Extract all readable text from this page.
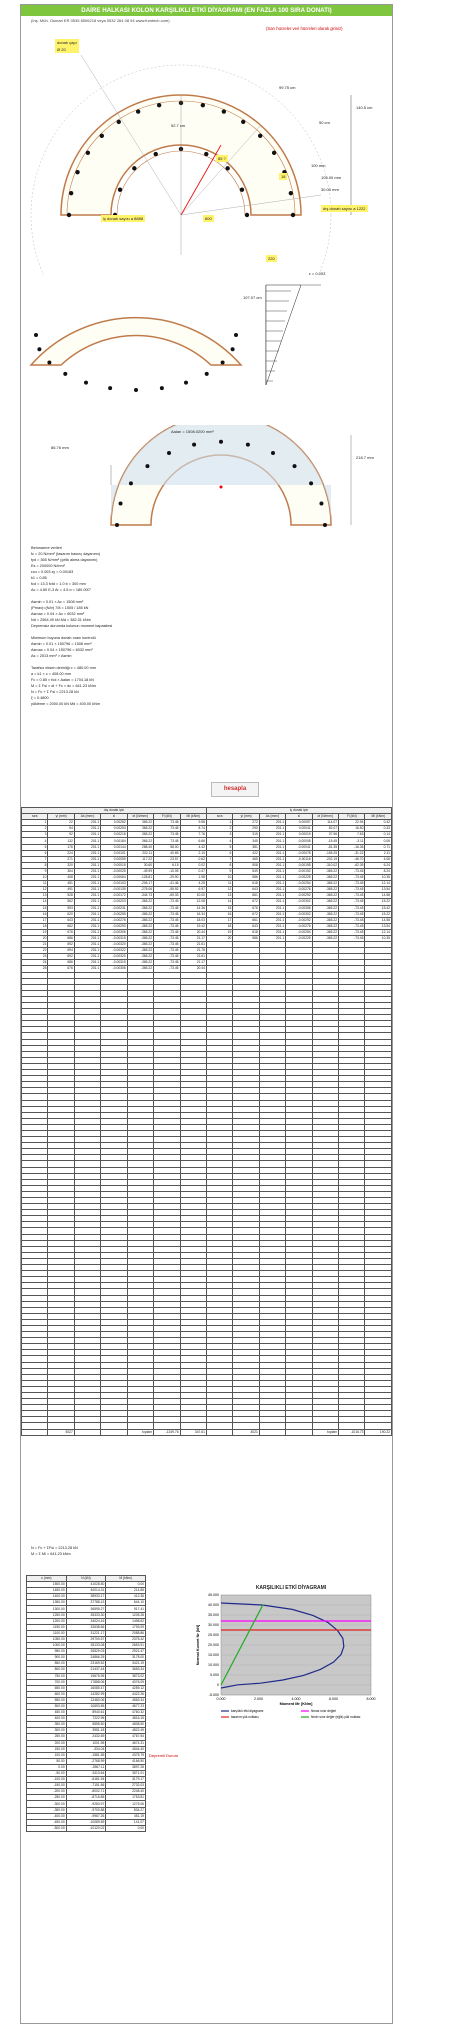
DAİRE HALKASI KOLON KARŞILIKLI ETKİ DİYAGRAMI (EN FAZLA 100 SIRA DONATI)
(İnş. Müh. Osman ER 0535 6506218 veya 0532 264 08 94 www.fumtech.com)
(Sarı hücreler veri hücreleri olarak giriniz)
donatı çapı
Ø 20
99.75 cm
140.5 cm
50 cm
52.7 cm
85 ?
18
100 mm
105.00 mm
30.00 mm
iç donatı sayısı a 8888	600
dış donatı sayısı a 1222
220
ε = 0.003
107.07 cm
Aalan = 1508.0200 mm²
86.76 mm
218.7 mm
Betonarme verileri
fc = 20 N/mm² (tasarım basınç dayanımı)
fyd = 365 N/mm² (çelik akma dayanımı)
Es = 200000 N/mm²
εcu = 0.003 εy = 0.00183
k1 = 0.85
fcd = 13.3 fctd = 1.0 b = 300 mm
Ac = 4.80 E-3 Ar = 4.5 α = 180.000°

Asmin = 0.01 × Ac = 1508 mm²
(Pmax)=(N/σ) 7/8 = 1505 / 185 kN
Asmax = 0.04 × Ac = 6032 mm²
Nd = 2564.49 kN Md = 382.31 kNm
Depremsiz durumda kolonun moment kapasitesi

Minimum boyuna donatı oranı kontrolü
Asmin = 0.01 × 150796 = 1508 mm²
Asmax = 0.04 × 150796 = 6032 mm²
As = 2513 mm² > Asmin

Tarafsız eksen derinliği c = 480.00 mm
a = k1 × c = 408.00 mm
Fc = 0.85 × fcd × Aalan = 1704.18 kN
M = Σ Fsi × di + Fc × dc = 641.23 kNm
N = Fc + Σ Fsi = 2213.28 kN
ξ = 0.4800
yükleme = 2000.00 kN Md = 400.00 kNm
hesapla
dış donatı için							iç donatı için						
sıra	yi (mm)	As (mm²)	εi	σi (N/mm²)	Fi (kN)	Mi (kNm)	sıra	yi (mm)	As (mm²)	εi	σi (N/mm²)	Fi (kN)	Mi (kNm)
1	22	201.1	0.00282	365.22	73.45	9.58	1	272	201.1	0.00057	114.07	22.94	0.42
2	54	201.1	0.00253	365.22	73.45	8.74	2	290	201.1	0.00041	82.07	16.50	0.33
3	92	201.1	0.00218	365.22	73.45	7.76	3	315	201.1	0.00019	37.96	7.63	0.14
4	132	201.1	0.00184	365.22	73.45	6.66	4	345	201.1	-0.00008	-15.45	-3.11	0.06
5	176	201.1	0.00144	288.40	58.00	4.42	5	381	201.1	-0.00041	-81.35	-16.36	0.71
6	224	201.1	0.00101	202.11	40.65	2.10	6	422	201.1	-0.00078	-155.25	-31.22	2.11
7	271	201.1	0.00059	117.22	23.57	0.62	7	465	201.1	-0.00116	-232.19	-46.70	4.06
8	320	201.1	0.00015	30.60	6.15	0.02	8	508	201.1	-0.00155	-310.02	-62.35	6.24
9	364	201.1	-0.00025	-49.99	-10.05	0.47	9	549	201.1	-0.00192	-365.22	-73.45	8.24
10	408	201.1	-0.00064	-128.81	-25.90	1.98	10	586	201.1	-0.00225	-365.22	-73.45	10.35
11	451	201.1	-0.00103	-206.17	-41.46	4.25	11	618	201.1	-0.00254	-365.22	-73.45	12.14
12	491	201.1	-0.00139	-278.06	-55.92	6.97	12	643	201.1	-0.00276	-365.22	-73.45	13.54
13	528	201.1	-0.00172	-344.73	-69.33	10.00	13	661	201.1	-0.00292	-365.22	-73.45	14.58
14	562	201.1	-0.00203	-365.22	-73.45	12.08	14	672	201.1	-0.00302	-365.22	-73.45	15.22
15	593	201.1	-0.00231	-365.22	-73.45	14.36	15	676	201.1	-0.00306	-365.22	-73.45	15.42
16	620	201.1	-0.00255	-365.22	-73.45	16.34	16	672	201.1	-0.00302	-365.22	-73.45	15.22
17	643	201.1	-0.00276	-365.22	-73.45	18.03	17	661	201.1	-0.00292	-365.22	-73.45	14.58
18	662	201.1	-0.00293	-365.22	-73.45	19.42	18	643	201.1	-0.00276	-365.22	-73.45	13.54
19	676	201.1	-0.00306	-365.22	-73.45	20.44	19	618	201.1	-0.00254	-365.22	-73.45	12.14
20	686	201.1	-0.00315	-365.22	-73.45	21.17	20	586	201.1	-0.00225	-365.22	-73.45	10.35
21	692	201.1	-0.00320	-365.22	-73.45	21.61							
22	694	201.1	-0.00322	-365.22	-73.45	21.76							
23	692	201.1	-0.00320	-365.22	-73.45	21.61							
24	686	201.1	-0.00315	-365.22	-73.45	21.17							
25	676	201.1	-0.00306	-365.22	-73.45	20.44							

	5027			toplam	-1249.76	347.61		4021			toplam	-1016.73	190.22
N = Fc + ΣFsi = 2213.28 kN
M = Σ Mi = 641.23 kNm
c (mm)	N (kN)	M (kNm)
1500.00	41028.50	0.00
1450.00	40014.31	214.88
1400.00	38933.17	412.36
1350.00	37788.13	644.10
1300.00	36595.27	917.41
1250.00	35333.30	1205.28
1200.00	34024.16	1498.62
1150.00	32638.66	1793.09
1100.00	31221.17	2088.86
1050.00	29700.57	2375.42
1000.00	28133.08	2653.91
950.00	26529.03	2921.47
900.00	24866.25	3178.00
850.00	23169.52	3421.19
800.00	21437.44	3653.34
750.00	19676.95	3873.02
700.00	17888.06	4076.09
650.00	16085.47	4259.12
600.00	14282.99	4422.26
550.00	12480.06	4563.34
500.00	10693.55	4677.23
450.00	8940.61	4760.32
400.00	7222.95	4816.15
350.00	5555.50	4838.50
300.00	3951.18	4822.49
250.00	2432.69	4767.54
200.00	1001.95	4674.31
150.00	-334.04	4544.40
100.00	-1581.55	4375.79
50.00	-2768.99	4166.50
0.00	-3967.11	3897.28
-50.00	-5113.64	3571.01
-100.00	-6181.94	3179.17
-150.00	-7151.56	2732.03
-200.00	-8002.71	2248.40
-250.00	-8716.85	1753.81
-300.00	-9283.97	1275.06
-350.00	-9700.88	834.27
-400.00	-9967.26	451.19
-450.00	-10089.59	141.07
-500.00	-10120.02	0.00
Depremli Durum
KARŞILIKLI ETKİ DİYAGRAMI
45.000
40.000
35.000
30.000
25.000
20.000
15.000
10.000
5.000
0
-5.000
0.000	2.000	4.000	6.000	8.000
Moment Mr [KNm]
Normal Kuvvet Nr [kN]
karşılıklı etki diyagramı	Nmax sınır değeri
tasarım yük noktası	Nmin sınır değer (eğik) yük noktası
